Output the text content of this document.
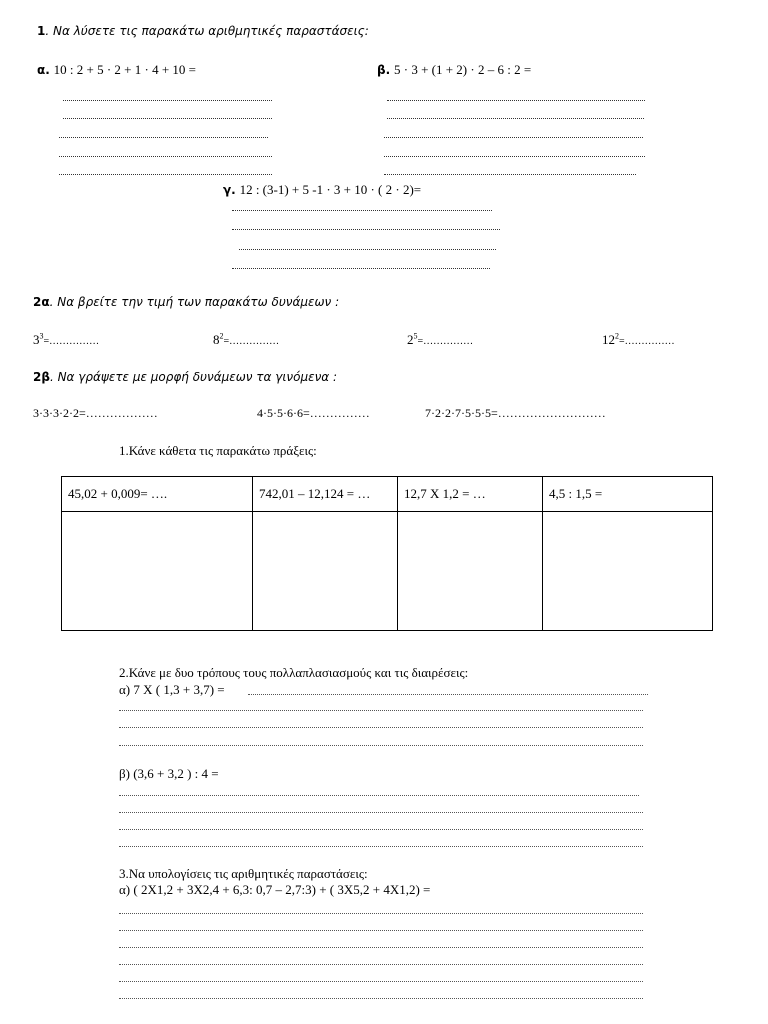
1. Να λύσετε τις παρακάτω αριθμητικές παραστάσεις:
α. 10 : 2 + 5 · 2 + 1 · 4 + 10 =	β. 5 · 3 + (1 + 2) · 2 – 6 : 2 =
γ. 12 : (3-1) + 5 -1 · 3 + 10 · ( 2 · 2)=
2α. Να βρείτε την τιμή των παρακάτω δυνάμεων :
$3^3=\dots\dots\dots\dots\dots$	$8^2=\dots\dots\dots\dots\dots$	$2^5=\dots\dots\dots\dots\dots$	$12^2=\dots\dots\dots\dots\dots$
2β. Να γράψετε με μορφή δυνάμεων τα γινόμενα :
3·3·3·2·2=………………	4·5·5·6·6=……………	7·2·2·7·5·5·5=………………………
1.Κάνε κάθετα τις παρακάτω πράξεις:
45,02 + 0,009= ….	742,01 – 12,124 = …	12,7 X 1,2 = …	4,5 : 1,5 =

2.Κάνε με δυο τρόπους τους πολλαπλασιασμούς και τις διαιρέσεις:
α) 7 X ( 1,3 + 3,7) =
β) (3,6 + 3,2 ) : 4 =
3.Να υπολογίσεις τις αριθμητικές παραστάσεις:
α) ( 2X1,2 + 3X2,4 + 6,3: 0,7 – 2,7:3) + ( 3X5,2 + 4X1,2) =
